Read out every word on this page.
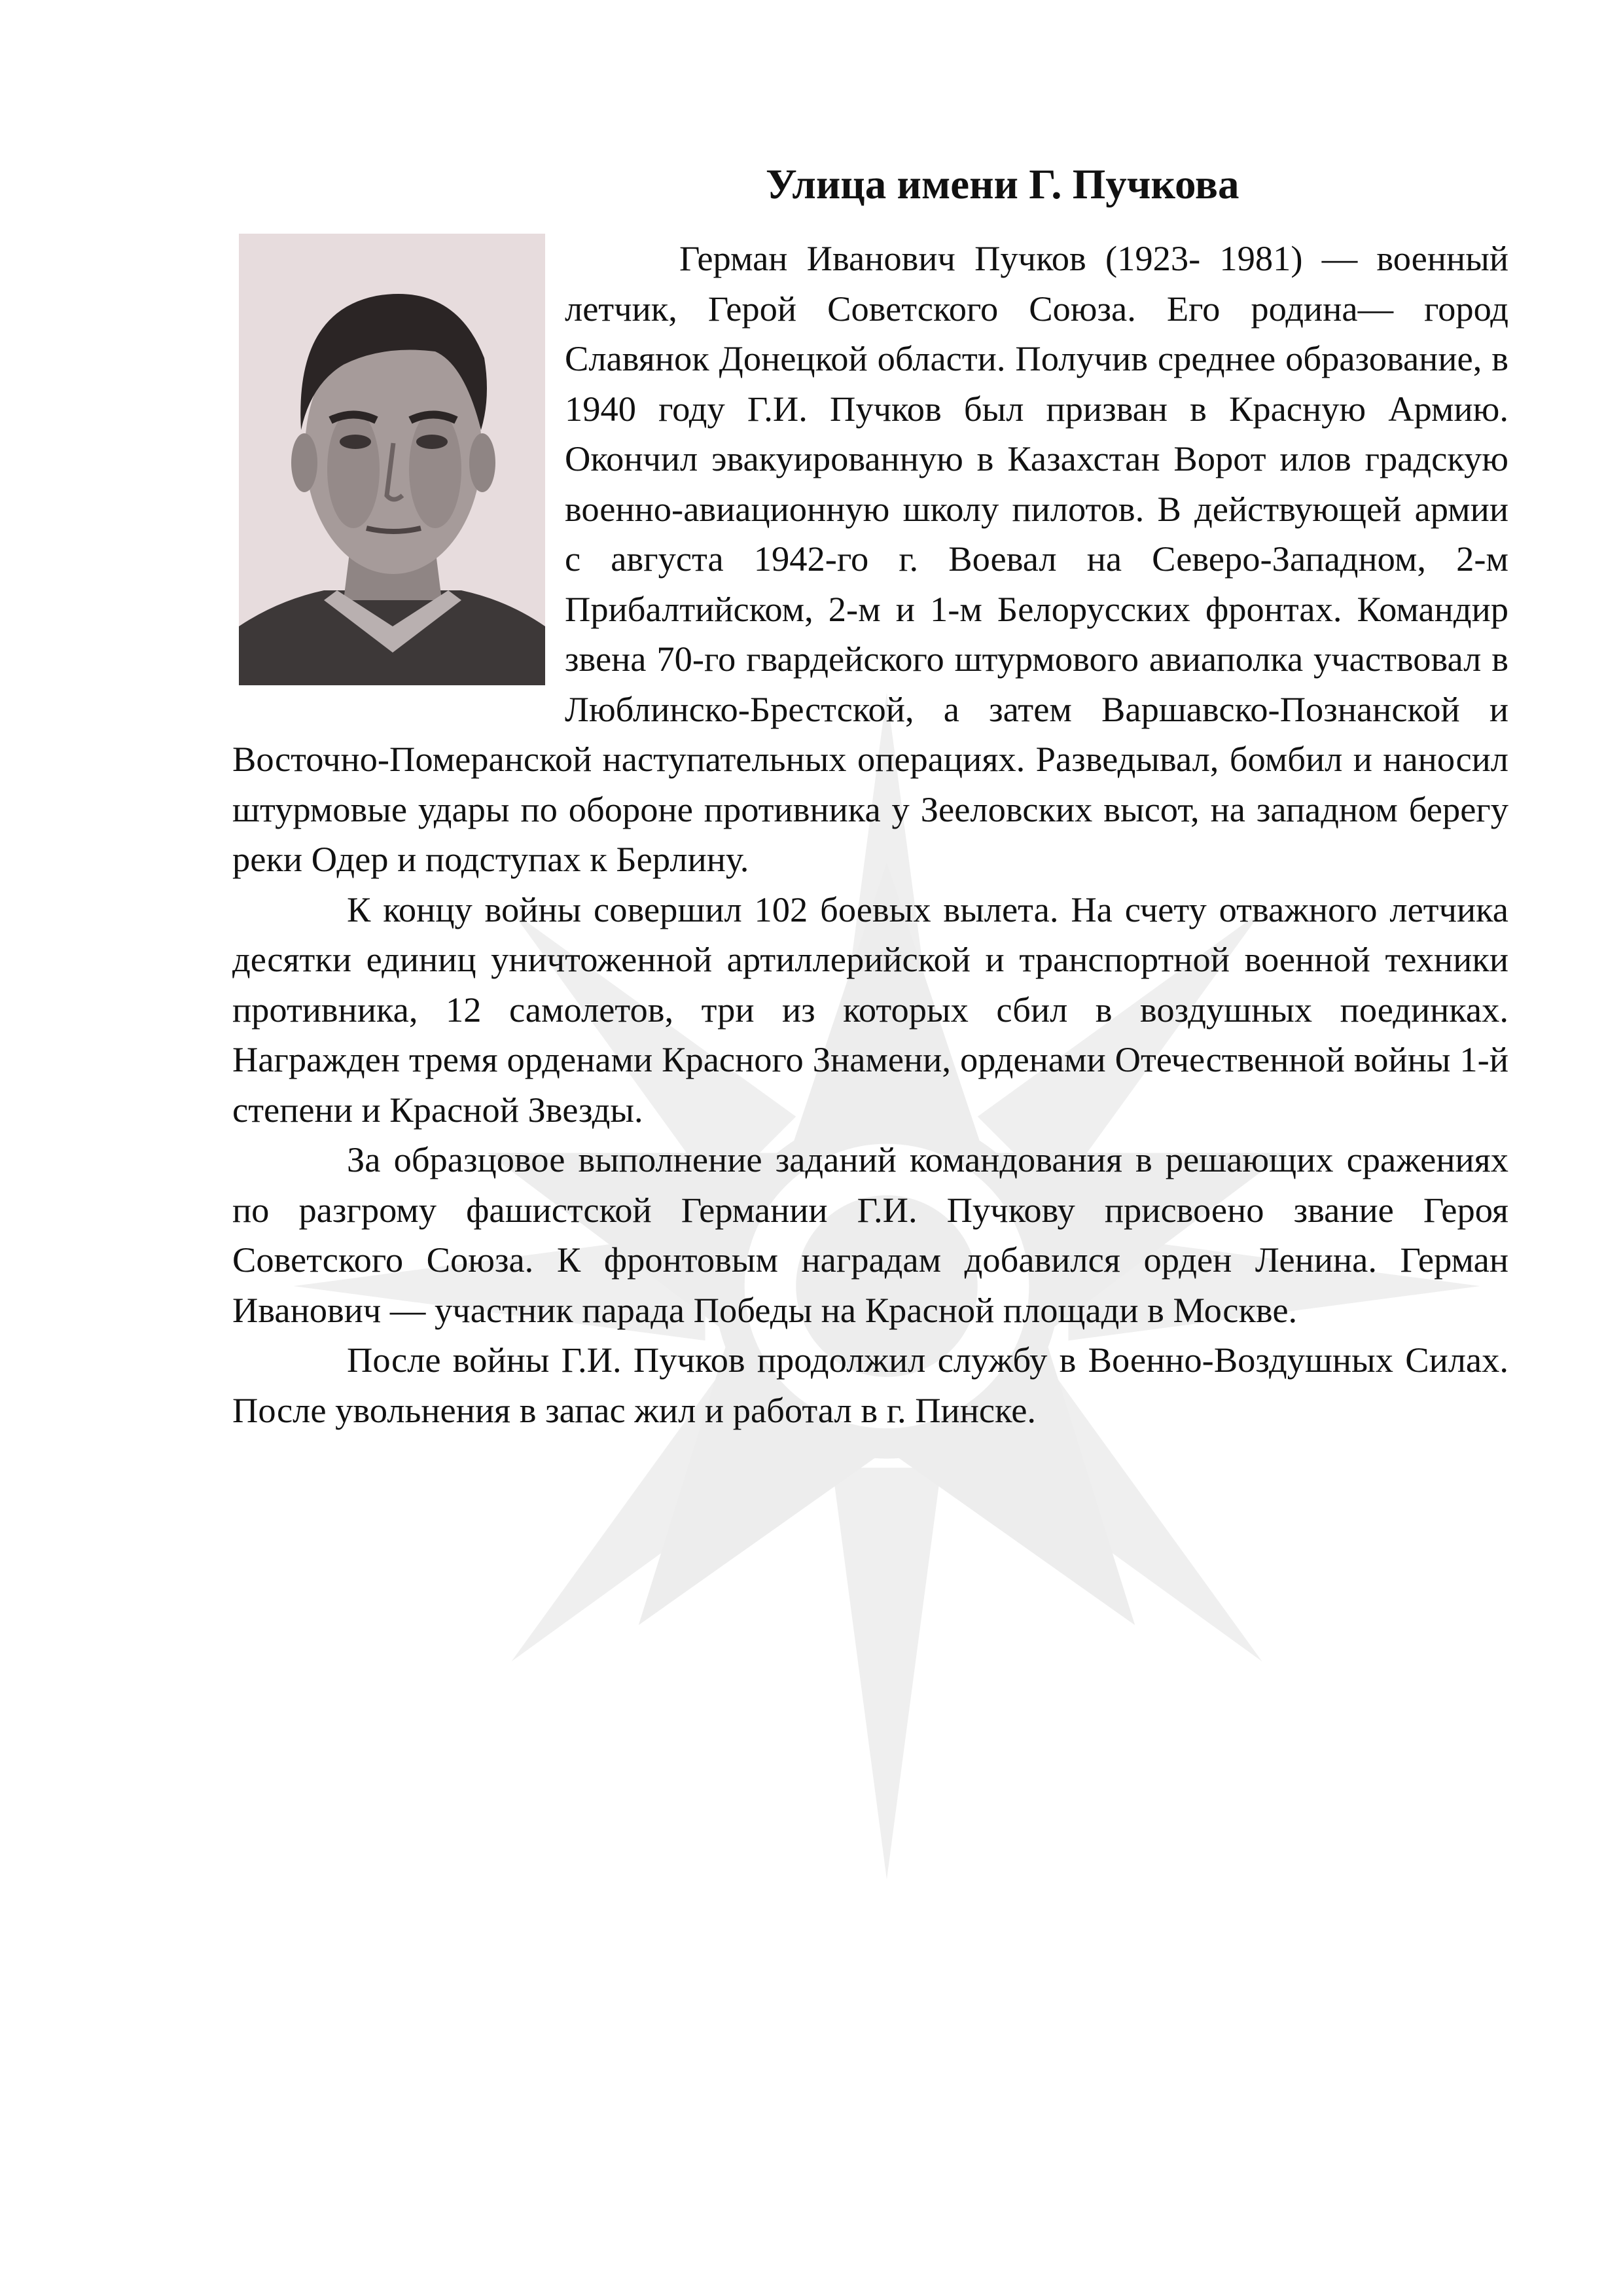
Улица имени Г. Пучкова

Герман Иванович Пучков (1923- 1981) — военный летчик, Герой Советского Союза. Его родина— город Славянок Донецкой области. Получив среднее образование, в 1940 году Г.И. Пучков был призван в Красную Армию. Окончил эвакуированную в Казахстан Ворот илов градскую военно-авиационную школу пилотов. В действующей армии с августа 1942-го г. Воевал на Северо-Западном, 2-м Прибалтийском, 2-м и 1-м Белорусских фронтах. Командир звена 70-го гвардейского штурмового авиаполка участвовал в Люблинско-Брестской, а затем Варшавско-Познанской и Восточно-Померанской наступательных операциях. Разведывал, бомбил и наносил штурмовые удары по обороне противника у Зееловских высот, на западном берегу реки Одер и подступах к Берлину.

К концу войны совершил 102 боевых вылета. На счету отважного летчика десятки единиц уничтоженной артиллерийской и транспортной военной техники противника, 12 самолетов, три из которых сбил в воздушных поединках. Награжден тремя орденами Красного Знамени, орденами Отечественной войны 1-й степени и Красной Звезды.

За образцовое выполнение заданий командования в решающих сражениях по разгрому фашистской Германии Г.И. Пучкову присвоено звание Героя Советского Союза. К фронтовым наградам добавился орден Ленина. Герман Иванович — участник парада Победы на Красной площади в Москве.

После войны Г.И. Пучков продолжил службу в Военно-Воздушных Силах. После увольнения в запас жил и работал в г. Пинске.
